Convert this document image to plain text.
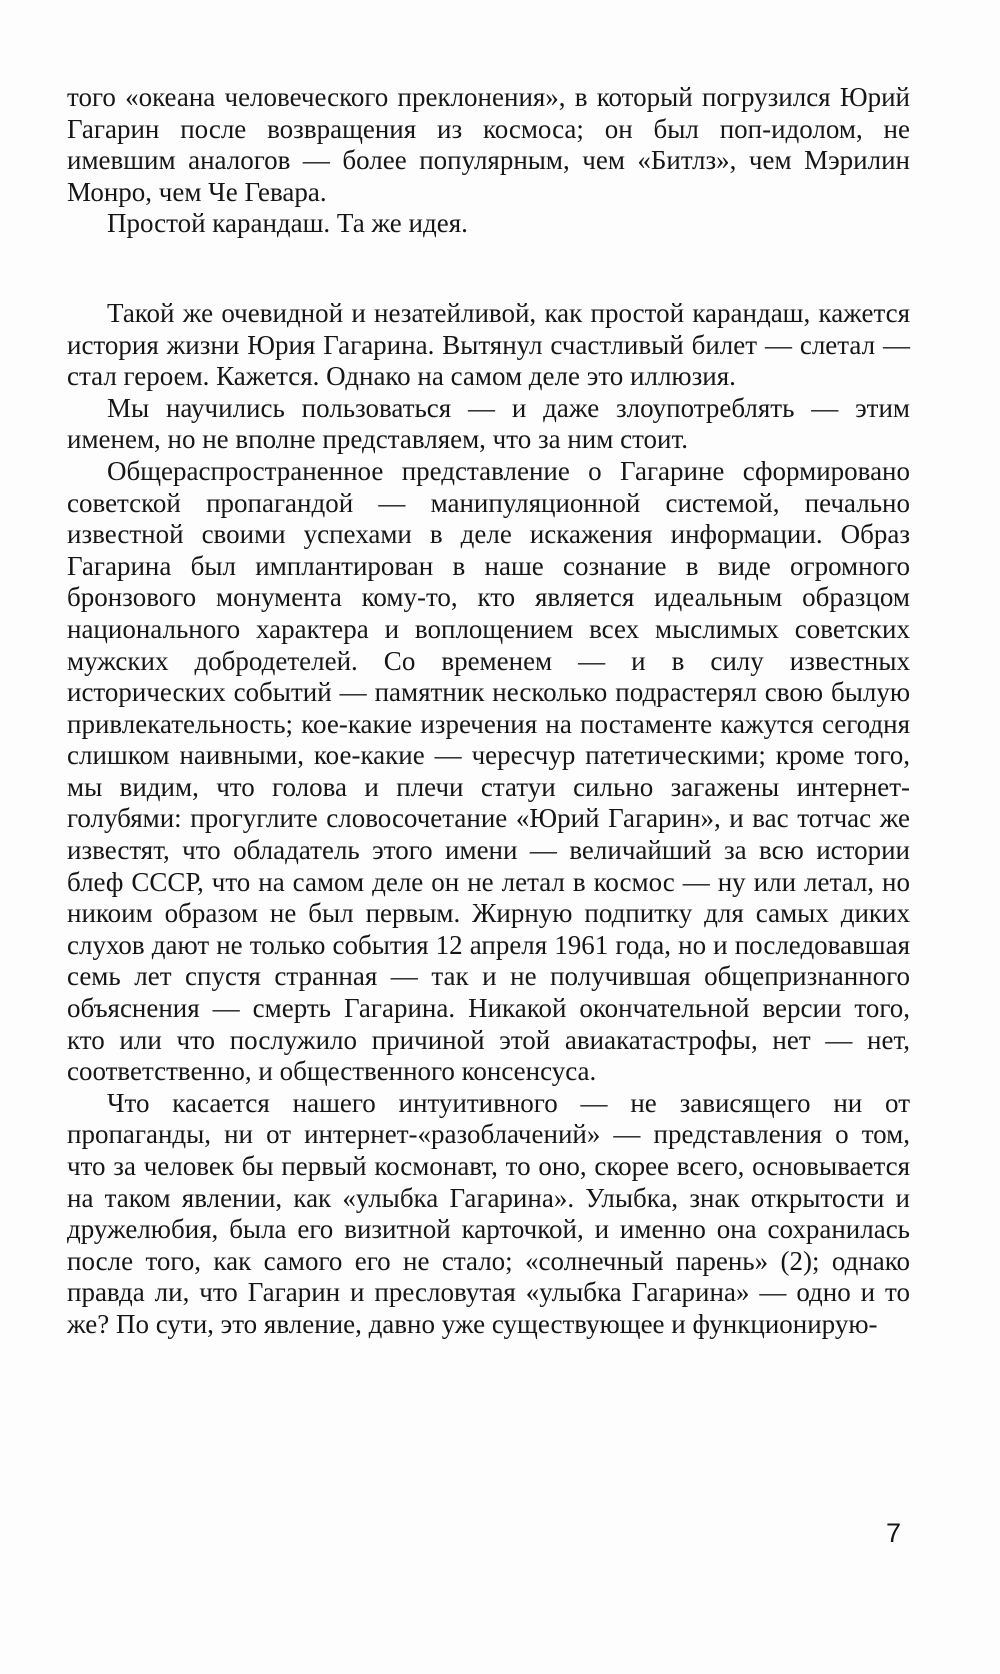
того «океана человеческого преклонения», в который погрузился Юрий Гагарин после возвращения из космоса; он был поп-идолом, не имевшим аналогов — более популярным, чем «Битлз», чем Мэрилин Монро, чем Че Гевара.

Простой карандаш. Та же идея.

Такой же очевидной и незатейливой, как простой карандаш, кажется история жизни Юрия Гагарина. Вытянул счастливый билет — слетал — стал героем. Кажется. Однако на самом деле это иллюзия.

Мы научились пользоваться — и даже злоупотреблять — этим именем, но не вполне представляем, что за ним стоит.

Общераспространенное представление о Гагарине сформировано советской пропагандой — манипуляционной системой, печально известной своими успехами в деле искажения информации. Образ Гагарина был имплантирован в наше сознание в виде огромного бронзового монумента кому-то, кто является идеальным образцом национального характера и воплощением всех мыслимых советских мужских добродетелей. Со временем — и в силу известных исторических событий — памятник несколько подрастерял свою былую привлекательность; кое-какие изречения на постаменте кажутся сегодня слишком наивными, кое-какие — чересчур патетическими; кроме того, мы видим, что голова и плечи статуи сильно загажены интернет-голубями: прогуглите словосочетание «Юрий Гагарин», и вас тотчас же известят, что обладатель этого имени — величайший за всю истории блеф СССР, что на самом деле он не летал в космос — ну или летал, но никоим образом не был первым. Жирную подпитку для самых диких слухов дают не только события 12 апреля 1961 года, но и последовавшая семь лет спустя странная — так и не получившая общепризнанного объяснения — смерть Гагарина. Никакой окончательной версии того, кто или что послужило причиной этой авиакатастрофы, нет — нет, соответственно, и общественного консенсуса.

Что касается нашего интуитивного — не зависящего ни от пропаганды, ни от интернет-«разоблачений» — представления о том, что за человек бы первый космонавт, то оно, скорее всего, основывается на таком явлении, как «улыбка Гагарина». Улыбка, знак открытости и дружелюбия, была его визитной карточкой, и именно она сохранилась после того, как самого его не стало; «солнечный парень» (2); однако правда ли, что Гагарин и пресловутая «улыбка Гагарина» — одно и то же? По сути, это явление, давно уже существующее и функционирую-

7
